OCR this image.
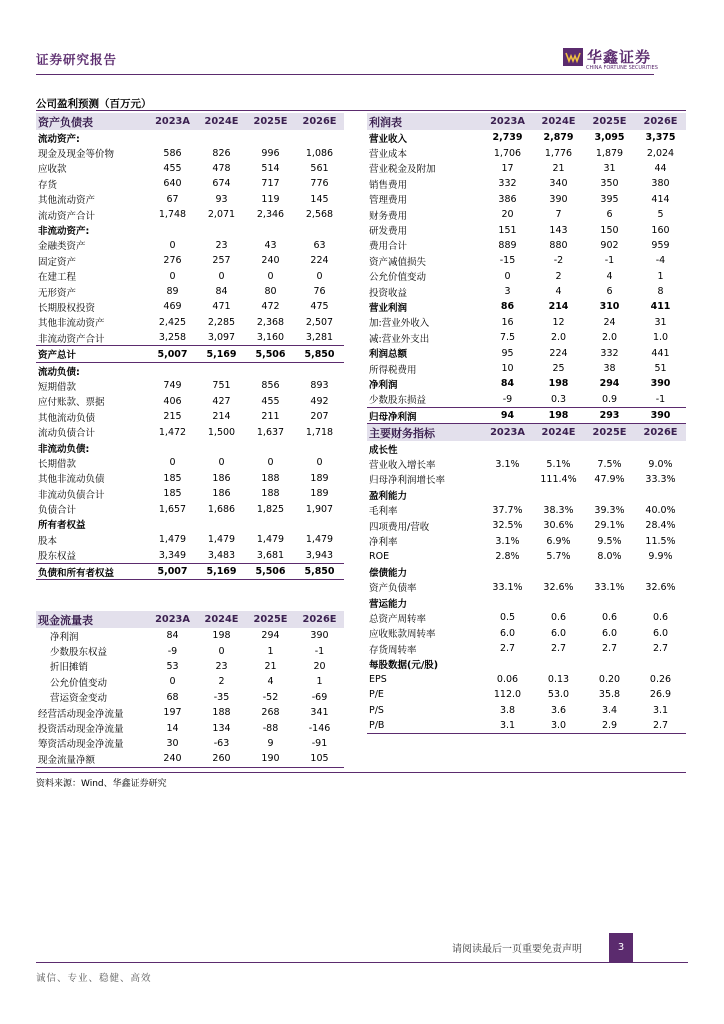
证券研究报告	华鑫证券
CHINA FORTUNE SECURITIES
公司盈利预测（百万元）
资产负债表	2023A	2024E	2025E	2026E
流动资产:				
现金及现金等价物	586	826	996	1,086
应收款	455	478	514	561
存货	640	674	717	776
其他流动资产	67	93	119	145
流动资产合计	1,748	2,071	2,346	2,568
非流动资产:				
金融类资产	0	23	43	63
固定资产	276	257	240	224
在建工程	0	0	0	0
无形资产	89	84	80	76
长期股权投资	469	471	472	475
其他非流动资产	2,425	2,285	2,368	2,507
非流动资产合计	3,258	3,097	3,160	3,281
资产总计	5,007	5,169	5,506	5,850
流动负债:				
短期借款	749	751	856	893
应付账款、票据	406	427	455	492
其他流动负债	215	214	211	207
流动负债合计	1,472	1,500	1,637	1,718
非流动负债:				
长期借款	0	0	0	0
其他非流动负债	185	186	188	189
非流动负债合计	185	186	188	189
负债合计	1,657	1,686	1,825	1,907
所有者权益				
股本	1,479	1,479	1,479	1,479
股东权益	3,349	3,483	3,681	3,943
负债和所有者权益	5,007	5,169	5,506	5,850
利润表	2023A	2024E	2025E	2026E
营业收入	2,739	2,879	3,095	3,375
营业成本	1,706	1,776	1,879	2,024
营业税金及附加	17	21	31	44
销售费用	332	340	350	380
管理费用	386	390	395	414
财务费用	20	7	6	5
研发费用	151	143	150	160
费用合计	889	880	902	959
资产减值损失	-15	-2	-1	-4
公允价值变动	0	2	4	1
投资收益	3	4	6	8
营业利润	86	214	310	411
加:营业外收入	16	12	24	31
减:营业外支出	7.5	2.0	2.0	1.0
利润总额	95	224	332	441
所得税费用	10	25	38	51
净利润	84	198	294	390
少数股东损益	-9	0.3	0.9	-1
归母净利润	94	198	293	390
主要财务指标	2023A	2024E	2025E	2026E
成长性				
营业收入增长率	3.1%	5.1%	7.5%	9.0%
归母净利润增长率		111.4%	47.9%	33.3%
盈利能力				
毛利率	37.7%	38.3%	39.3%	40.0%
四项费用/营收	32.5%	30.6%	29.1%	28.4%
净利率	3.1%	6.9%	9.5%	11.5%
ROE	2.8%	5.7%	8.0%	9.9%
偿债能力				
资产负债率	33.1%	32.6%	33.1%	32.6%
营运能力				
总资产周转率	0.5	0.6	0.6	0.6
应收账款周转率	6.0	6.0	6.0	6.0
存货周转率	2.7	2.7	2.7	2.7
每股数据(元/股)				
EPS	0.06	0.13	0.20	0.26
P/E	112.0	53.0	35.8	26.9
P/S	3.8	3.6	3.4	3.1
P/B	3.1	3.0	2.9	2.7
现金流量表	2023A	2024E	2025E	2026E
净利润	84	198	294	390
少数股东权益	-9	0	1	-1
折旧摊销	53	23	21	20
公允价值变动	0	2	4	1
营运资金变动	68	-35	-52	-69
经营活动现金净流量	197	188	268	341
投资活动现金净流量	14	134	-88	-146
筹资活动现金净流量	30	-63	9	-91
现金流量净额	240	260	190	105
资料来源：Wind、华鑫证券研究
请阅读最后一页重要免责声明	3
诚信、专业、稳健、高效
